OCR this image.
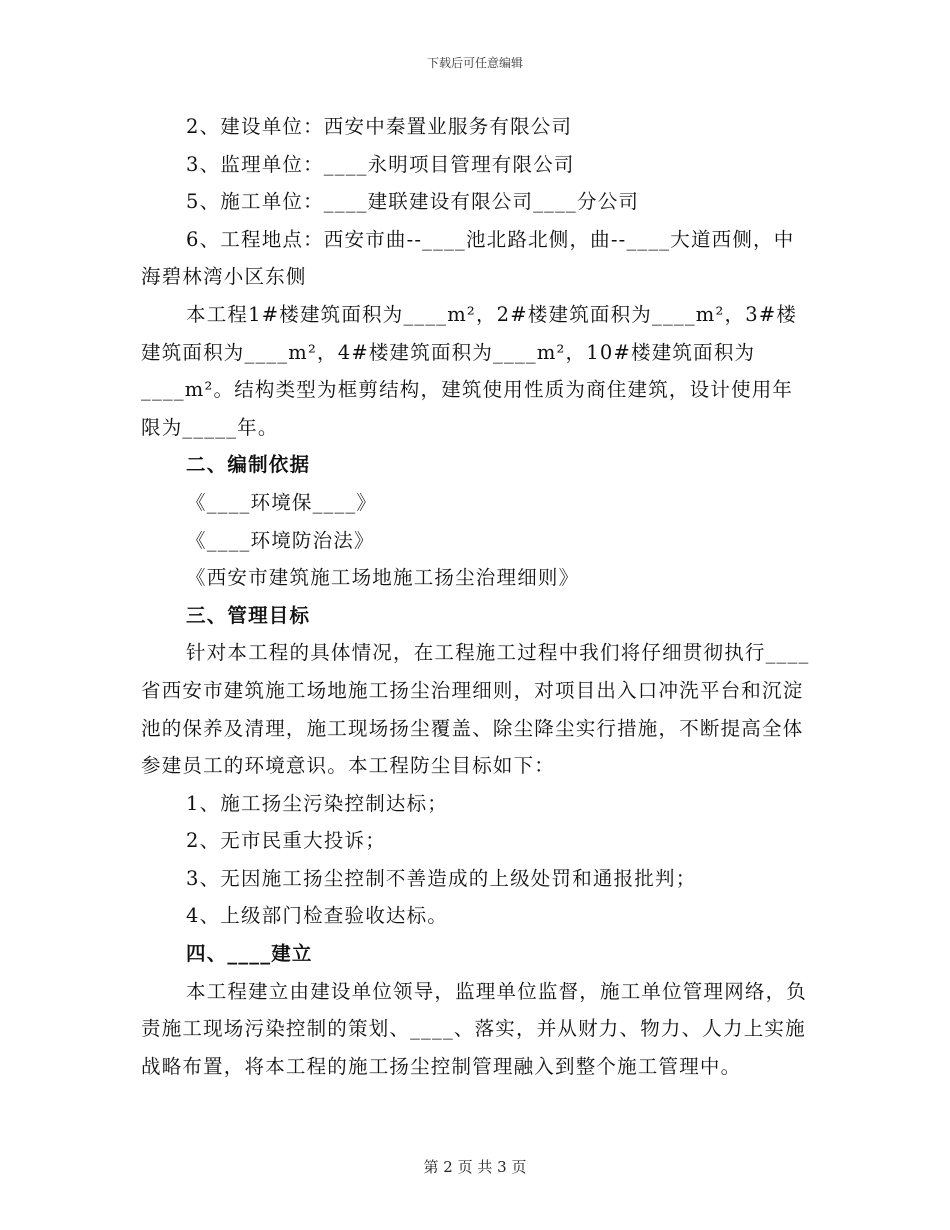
下载后可任意编辑

2、建设单位：西安中秦置业服务有限公司

3、监理单位：____永明项目管理有限公司

5、施工单位：____建联建设有限公司____分公司

6、工程地点：西安市曲--____池北路北侧，曲--____大道西侧，中海碧林湾小区东侧

本工程1#楼建筑面积为____m²，2#楼建筑面积为____m²，3#楼建筑面积为____m²，4#楼建筑面积为____m²，10#楼建筑面积为____m²。结构类型为框剪结构，建筑使用性质为商住建筑，设计使用年限为_____年。

二、编制依据

《____环境保____》

《____环境防治法》

《西安市建筑施工场地施工扬尘治理细则》

三、管理目标

针对本工程的具体情况，在工程施工过程中我们将仔细贯彻执行____省西安市建筑施工场地施工扬尘治理细则，对项目出入口冲洗平台和沉淀池的保养及清理，施工现场扬尘覆盖、除尘降尘实行措施，不断提高全体参建员工的环境意识。本工程防尘目标如下：

1、施工扬尘污染控制达标；

2、无市民重大投诉；

3、无因施工扬尘控制不善造成的上级处罚和通报批判；

4、上级部门检查验收达标。

四、____建立

本工程建立由建设单位领导，监理单位监督，施工单位管理网络，负责施工现场污染控制的策划、____、落实，并从财力、物力、人力上实施战略布置，将本工程的施工扬尘控制管理融入到整个施工管理中。

第 2 页 共 3 页
